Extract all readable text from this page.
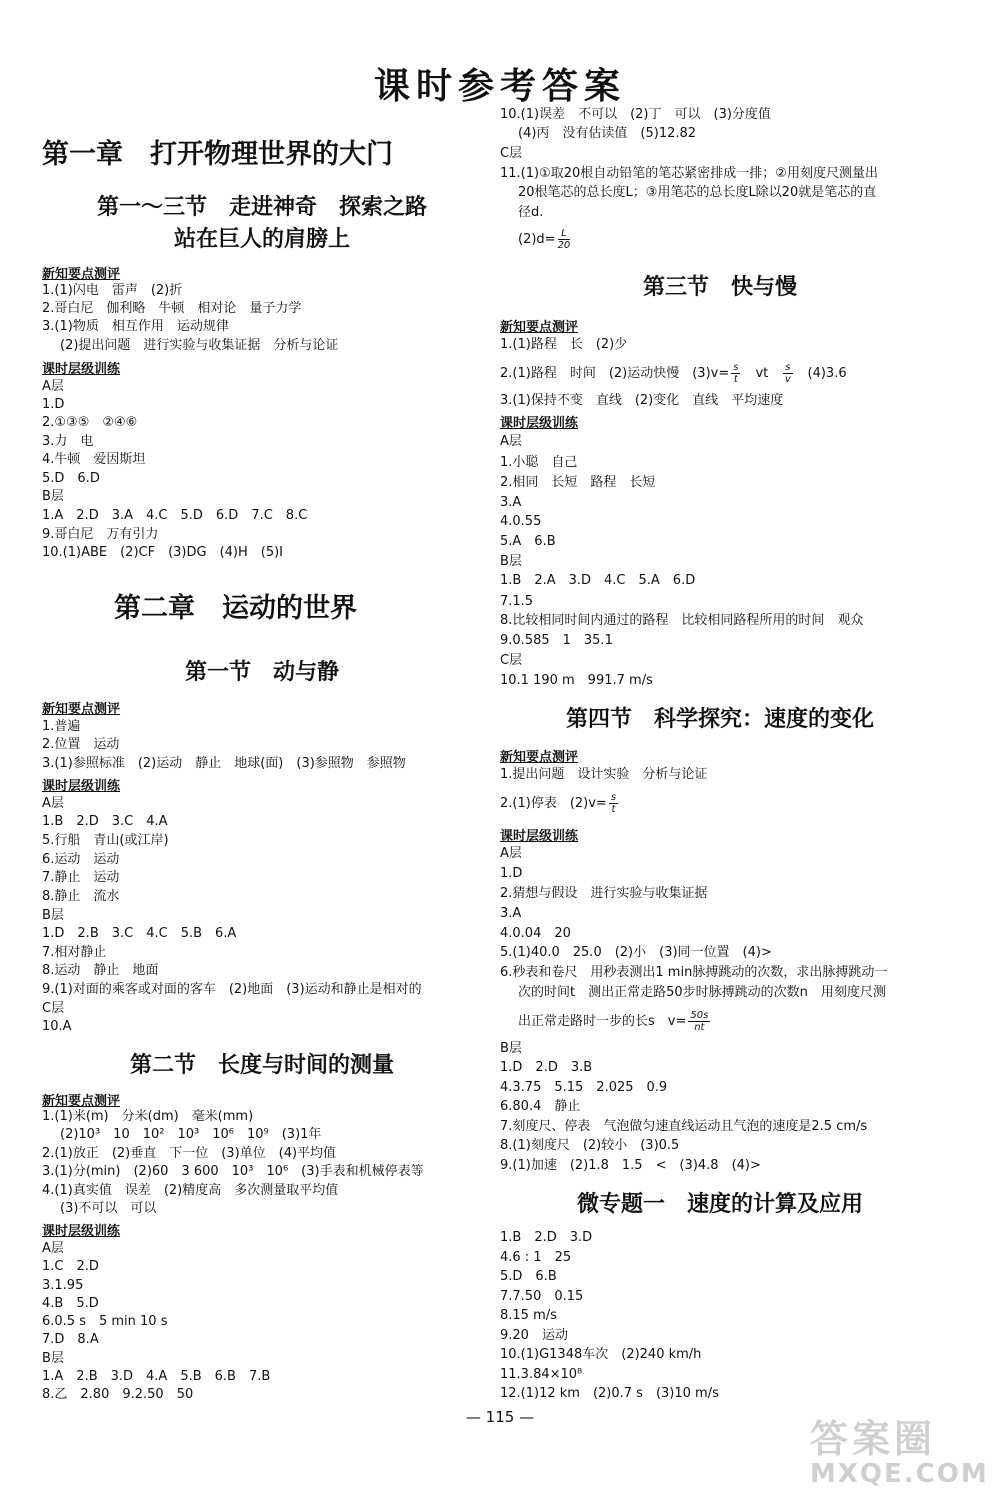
课时参考答案
第一章　打开物理世界的大门
第一～三节　走进神奇　探索之路
站在巨人的肩膀上
新知要点测评
1.(1)闪电　雷声　(2)折
2.哥白尼　伽利略　牛顿　相对论　量子力学
3.(1)物质　相互作用　运动规律
(2)提出问题　进行实验与收集证据　分析与论证
课时层级训练
A层
1.D
2.①③⑤　②④⑥
3.力　电
4.牛顿　爱因斯坦
5.D　6.D
B层
1.A　2.D　3.A　4.C　5.D　6.D　7.C　8.C
9.哥白尼　万有引力
10.(1)ABE　(2)CF　(3)DG　(4)H　(5)I
第二章　运动的世界
第一节　动与静
新知要点测评
1.普遍
2.位置　运动
3.(1)参照标准　(2)运动　静止　地球(面)　(3)参照物　参照物
课时层级训练
A层
1.B　2.D　3.C　4.A
5.行船　青山(或江岸)
6.运动　运动
7.静止　运动
8.静止　流水
B层
1.D　2.B　3.C　4.C　5.B　6.A
7.相对静止
8.运动　静止　地面
9.(1)对面的乘客或对面的客车　(2)地面　(3)运动和静止是相对的
C层
10.A
第二节　长度与时间的测量
新知要点测评
1.(1)米(m)　分米(dm)　毫米(mm)
(2)10³　10　10²　10³　10⁶　10⁹　(3)1年
2.(1)放正　(2)垂直　下一位　(3)单位　(4)平均值
3.(1)分(min)　(2)60　3 600　10³　10⁶　(3)手表和机械停表等
4.(1)真实值　误差　(2)精度高　多次测量取平均值
(3)不可以　可以
课时层级训练
A层
1.C　2.D
3.1.95
4.B　5.D
6.0.5 s　5 min 10 s
7.D　8.A
B层
1.A　2.B　3.D　4.A　5.B　6.B　7.B
8.乙　2.80　9.2.50　50
10.(1)误差　不可以　(2)丁　可以　(3)分度值
(4)丙　没有估读值　(5)12.82
C层
11.(1)①取20根自动铅笔的笔芯紧密排成一排；②用刻度尺测量出
20根笔芯的总长度L；③用笔芯的总长度L除以20就是笔芯的直
径d.
$(2)d= \frac{L}{20}$
第三节　快与慢
新知要点测评
1.(1)路程　长　(2)少
2.(1)路程　时间　(2)运动快慢　$(3)v= \frac{s}{t}$
　 vt　 $\frac{s}{v}$
　 (4)3.6
3.(1)保持不变　直线　(2)变化　直线　平均速度
课时层级训练
A层
1.小聪　自己
2.相同　长短　路程　长短
3.A
4.0.55
5.A　6.B
B层
1.B　2.A　3.D　4.C　5.A　6.D
7.1.5
8.比较相同时间内通过的路程　比较相同路程所用的时间　观众
9.0.585　1　35.1
C层
10.1 190 m　991.7 m/s
第四节　科学探究：速度的变化
新知要点测评
1.提出问题　设计实验　分析与论证
2.(1)停表　$(2)v= \frac{s}{t}$
课时层级训练
A层
1.D
2.猜想与假设　进行实验与收集证据
3.A
4.0.04　20
5.(1)40.0　25.0　(2)小　(3)同一位置　(4)>
6.秒表和卷尺　用秒表测出1 min脉搏跳动的次数，求出脉搏跳动一
次的时间t　测出正常走路50步时脉搏跳动的次数n　用刻度尺测
出正常走路时一步的长s　$v= \frac{50s}{nt}$
B层
1.D　2.D　3.B
4.3.75　5.15　2.025　0.9
6.80.4　静止
7.刻度尺、停表　气泡做匀速直线运动且气泡的速度是2.5 cm/s
8.(1)刻度尺　(2)较小　(3)0.5
9.(1)加速　(2)1.8　1.5　<　(3)4.8　(4)>
微专题一　速度的计算及应用
1.B　2.D　3.D
4.6 : 1　25
5.D　6.B
7.7.50　0.15
8.15 m/s
9.20　运动
10.(1)G1348车次　(2)240 km/h
11.3.84×10⁸
12.(1)12 km　(2)0.7 s　(3)10 m/s
— 115 —	答案圈
MXQE.COM
